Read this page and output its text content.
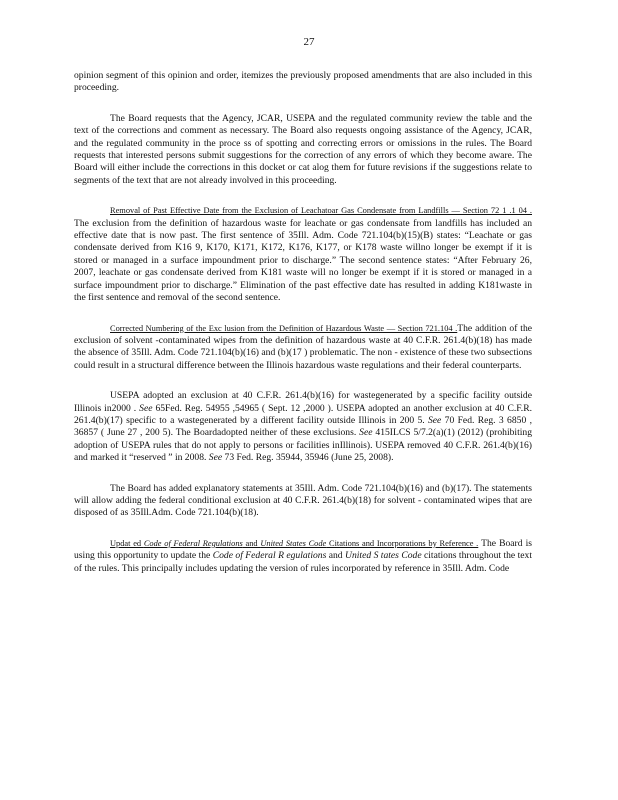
27

opinion segment of this opinion and order, itemizes the previously proposed amendments that are also included in this proceeding.

The Board requests that the Agency, JCAR, USEPA and the regulated community review the table and the text of the corrections and comment as necessary. The Board also requests ongoing assistance of the Agency, JCAR, and the regulated community in the proce ss of spotting and correcting errors or omissions in the rules. The Board requests that interested persons submit suggestions for the correction of any errors of which they become aware. The Board will either include the corrections in this docket or cat alog them for future revisions if the suggestions relate to segments of the text that are not already involved in this proceeding.

Removal of Past Effective Date from the Exclusion of Leachatoar Gas Condensate from Landfills — Section 72 1 .1 04 . The exclusion from the definition of hazardous waste for leachate or gas condensate from landfills has included an effective date that is now past. The first sentence of 35Ill. Adm. Code 721.104(b)(15)(B) states: “Leachate or gas condensate derived from K16 9, K170, K171, K172, K176, K177, or K178 waste willno longer be exempt if it is stored or managed in a surface impoundment prior to discharge.” The second sentence states: “After February 26, 2007, leachate or gas condensate derived from K181 waste will no longer be exempt if it is stored or managed in a surface impoundment prior to discharge.” Elimination of the past effective date has resulted in adding K181waste in the first sentence and removal of the second sentence.

Corrected Numbering of the Exc lusion from the Definition of Hazardous Waste — Section 721.104 .The addition of the exclusion of solvent -contaminated wipes from the definition of hazardous waste at 40 C.F.R. 261.4(b)(18) has made the absence of 35Ill. Adm. Code 721.104(b)(16) and (b)(17 ) problematic. The non - existence of these two subsections could result in a structural difference between the Illinois hazardous waste regulations and their federal counterparts.

USEPA adopted an exclusion at 40 C.F.R. 261.4(b)(16) for wastegenerated by a specific facility outside Illinois in2000 . See 65Fed. Reg. 54955 ,54965 ( Sept. 12 ,2000 ). USEPA adopted an another exclusion at 40 C.F.R. 261.4(b)(17) specific to a wastegenerated by a different facility outside Illinois in 200 5. See 70 Fed. Reg. 3 6850 , 36857 ( June 27 , 200 5). The Boardadopted neither of these exclusions. See 415ILCS 5/7.2(a)(1) (2012) (prohibiting adoption of USEPA rules that do not apply to persons or facilities inIllinois). USEPA removed 40 C.F.R. 261.4(b)(16) and marked it “reserved ” in 2008. See 73 Fed. Reg. 35944, 35946 (June 25, 2008).

The Board has added explanatory statements at 35Ill. Adm. Code 721.104(b)(16) and (b)(17). The statements will allow adding the federal conditional exclusion at 40 C.F.R. 261.4(b)(18) for solvent - contaminated wipes that are disposed of as 35Ill.Adm. Code 721.104(b)(18).

Updat ed Code of Federal Regulations and United States Code Citations and Incorporations by Reference . The Board is using this opportunity to update the Code of Federal R egulations and United S tates Code citations throughout the text of the rules. This principally includes updating the version of rules incorporated by reference in 35Ill. Adm. Code
